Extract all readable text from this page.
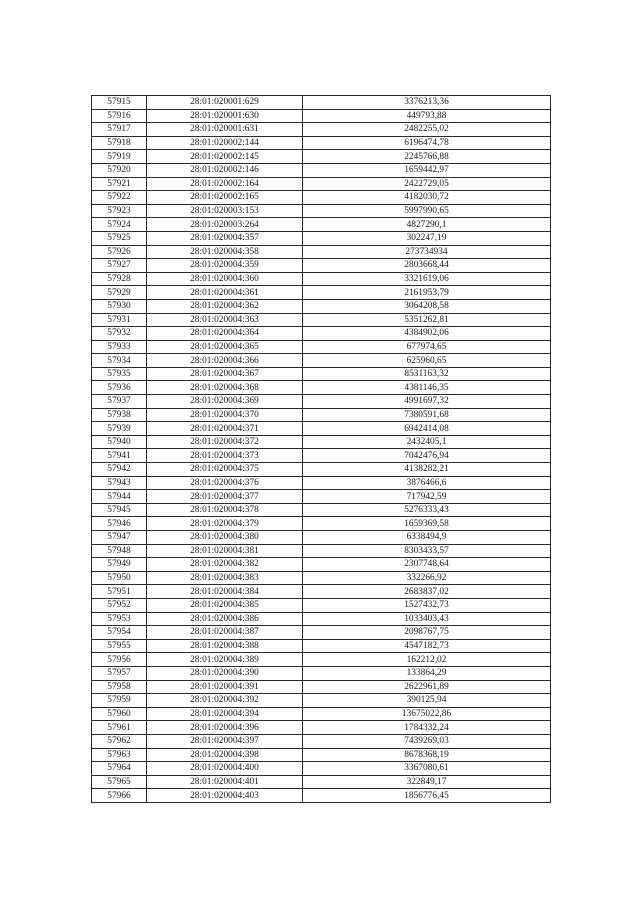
57915	28:01:020001:629	3376213,36
57916	28:01:020001:630	449793,88
57917	28:01:020001:631	2482255,02
57918	28:01:020002:144	6196474,78
57919	28:01:020002:145	2245766,88
57920	28:01:020002:146	1659442,97
57921	28:01:020002:164	2422729,05
57922	28:01:020002:165	4182030,72
57923	28:01:020003:153	5997990,65
57924	28:01:020003:264	4827290,1
57925	28:01:020004:357	302247,19
57926	28:01:020004:358	273734934
57927	28:01:020004:359	2803668,44
57928	28:01:020004:360	3321619,06
57929	28:01:020004:361	2161953,79
57930	28:01:020004:362	3064208,58
57931	28:01:020004:363	5351262,81
57932	28:01:020004:364	4384902,06
57933	28:01:020004:365	677974,65
57934	28:01:020004:366	625960,65
57935	28:01:020004:367	8531163,32
57936	28:01:020004:368	4381146,35
57937	28:01:020004:369	4991697,32
57938	28:01:020004:370	7380591,68
57939	28:01:020004:371	6942414,08
57940	28:01:020004:372	2432405,1
57941	28:01:020004:373	7042476,94
57942	28:01:020004:375	4138282,21
57943	28:01:020004:376	3876466,6
57944	28:01:020004:377	717942,59
57945	28:01:020004:378	5276333,43
57946	28:01:020004:379	1659369,58
57947	28:01:020004:380	6338494,9
57948	28:01:020004:381	8303433,57
57949	28:01:020004:382	2307748,64
57950	28:01:020004:383	332266,92
57951	28:01:020004:384	2683837,02
57952	28:01:020004:385	1527432,73
57953	28:01:020004:386	1033403,43
57954	28:01:020004:387	2098767,75
57955	28:01:020004:388	4547182,73
57956	28:01:020004:389	162212,02
57957	28:01:020004:390	133864,29
57958	28:01:020004:391	2622961,89
57959	28:01:020004:392	390125,94
57960	28:01:020004:394	13675022,86
57961	28:01:020004:396	1784332,24
57962	28:01:020004:397	7439269,03
57963	28:01:020004:398	8678368,19
57964	28:01:020004:400	3367080,61
57965	28:01:020004:401	322849,17
57966	28:01:020004:403	1856776,45
